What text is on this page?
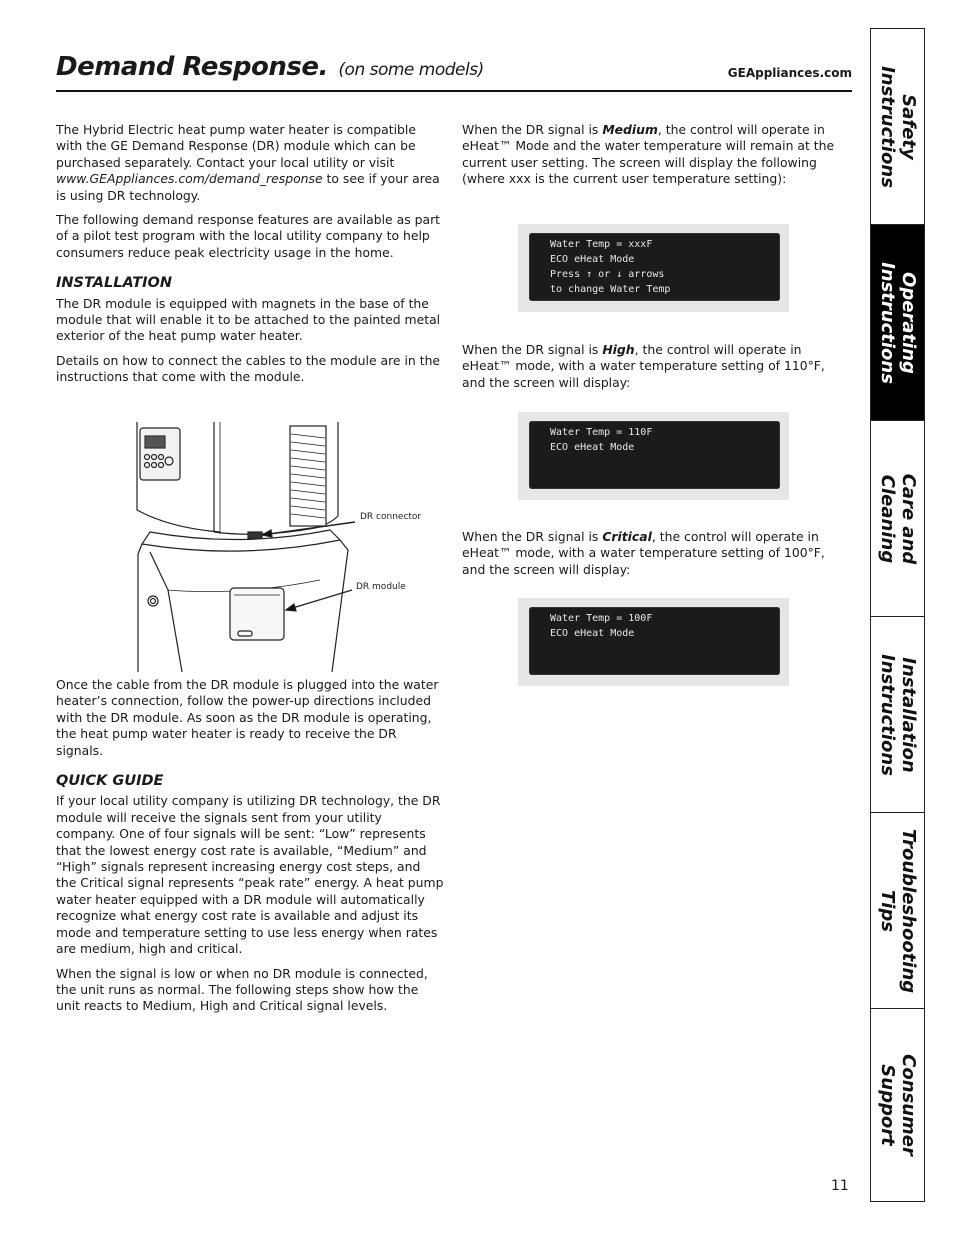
Demand Response. (on some models)	GEAppliances.com

The Hybrid Electric heat pump water heater is compatible with the GE Demand Response (DR) module which can be purchased separately. Contact your local utility or visit www.GEAppliances.com/demand_response to see if your area is using DR technology.

The following demand response features are available as part of a pilot test program with the local utility company to help consumers reduce peak electricity usage in the home.

INSTALLATION

The DR module is equipped with magnets in the base of the module that will enable it to be attached to the painted metal exterior of the heat pump water heater.

Details on how to connect the cables to the module are in the instructions that come with the module.

DR connector
DR module

Once the cable from the DR module is plugged into the water heater’s connection, follow the power-up directions included with the DR module. As soon as the DR module is operating, the heat pump water heater is ready to receive the DR signals.

QUICK GUIDE

If your local utility company is utilizing DR technology, the DR module will receive the signals sent from your utility company. One of four signals will be sent: “Low” represents that the lowest energy cost rate is available, “Medium” and “High” signals represent increasing energy cost steps, and the Critical signal represents “peak rate” energy. A heat pump water heater equipped with a DR module will automatically recognize what energy cost rate is available and adjust its mode and temperature setting to use less energy when rates are medium, high and critical.

When the signal is low or when no DR module is connected, the unit runs as normal. The following steps show how the unit reacts to Medium, High and Critical signal levels.

When the DR signal is Medium, the control will operate in eHeat™ Mode and the water temperature will remain at the current user setting. The screen will display the following (where xxx is the current user temperature setting):

Water Temp = xxxF
ECO eHeat Mode
Press ↑ or ↓ arrows
to change Water Temp

When the DR signal is High, the control will operate in eHeat™ mode, with a water temperature setting of 110°F, and the screen will display:

Water Temp = 110F
ECO eHeat Mode

When the DR signal is Critical, the control will operate in eHeat™ mode, with a water temperature setting of 100°F, and the screen will display:

Water Temp = 100F
ECO eHeat Mode
Safety
Instructions
Operating
Instructions
Care and
Cleaning
Installation
Instructions
Troubleshooting
Tips
Consumer
Support
11
